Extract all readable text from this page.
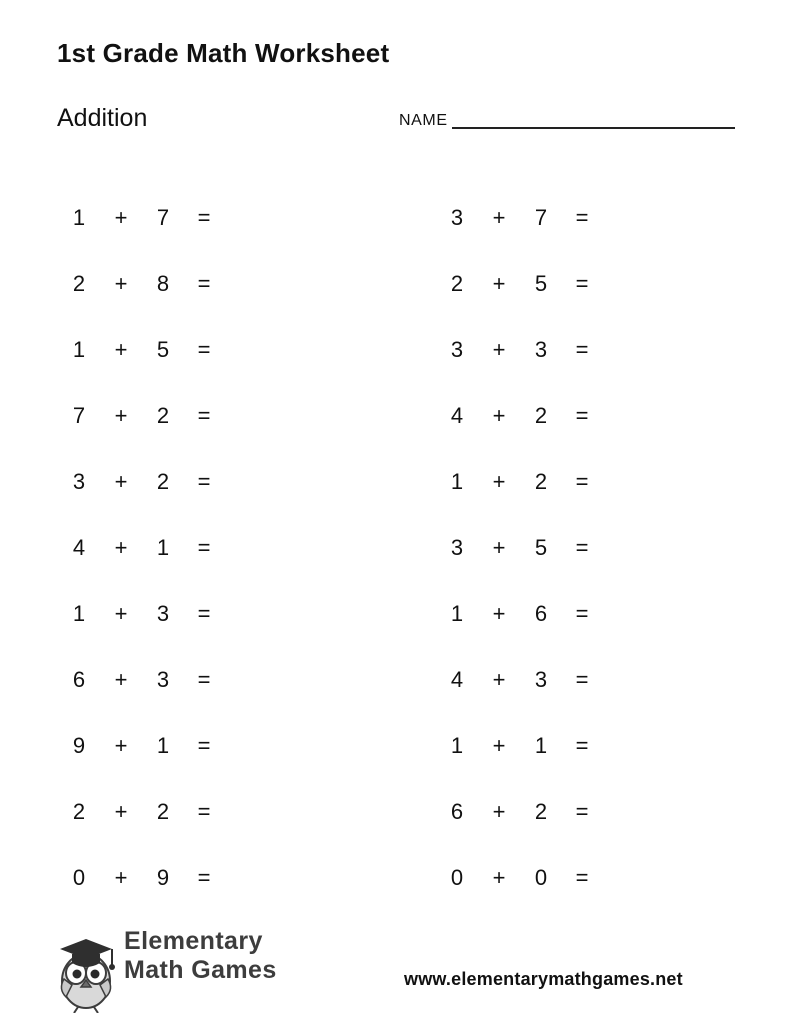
1st Grade Math Worksheet
Addition	NAME
1	+	7	=
2	+	8	=
1	+	5	=
7	+	2	=
3	+	2	=
4	+	1	=
1	+	3	=
6	+	3	=
9	+	1	=
2	+	2	=
0	+	9	=
3	+	7	=
2	+	5	=
3	+	3	=
4	+	2	=
1	+	2	=
3	+	5	=
1	+	6	=
4	+	3	=
1	+	1	=
6	+	2	=
0	+	0	=
Elementary
Math Games	www.elementarymathgames.net
